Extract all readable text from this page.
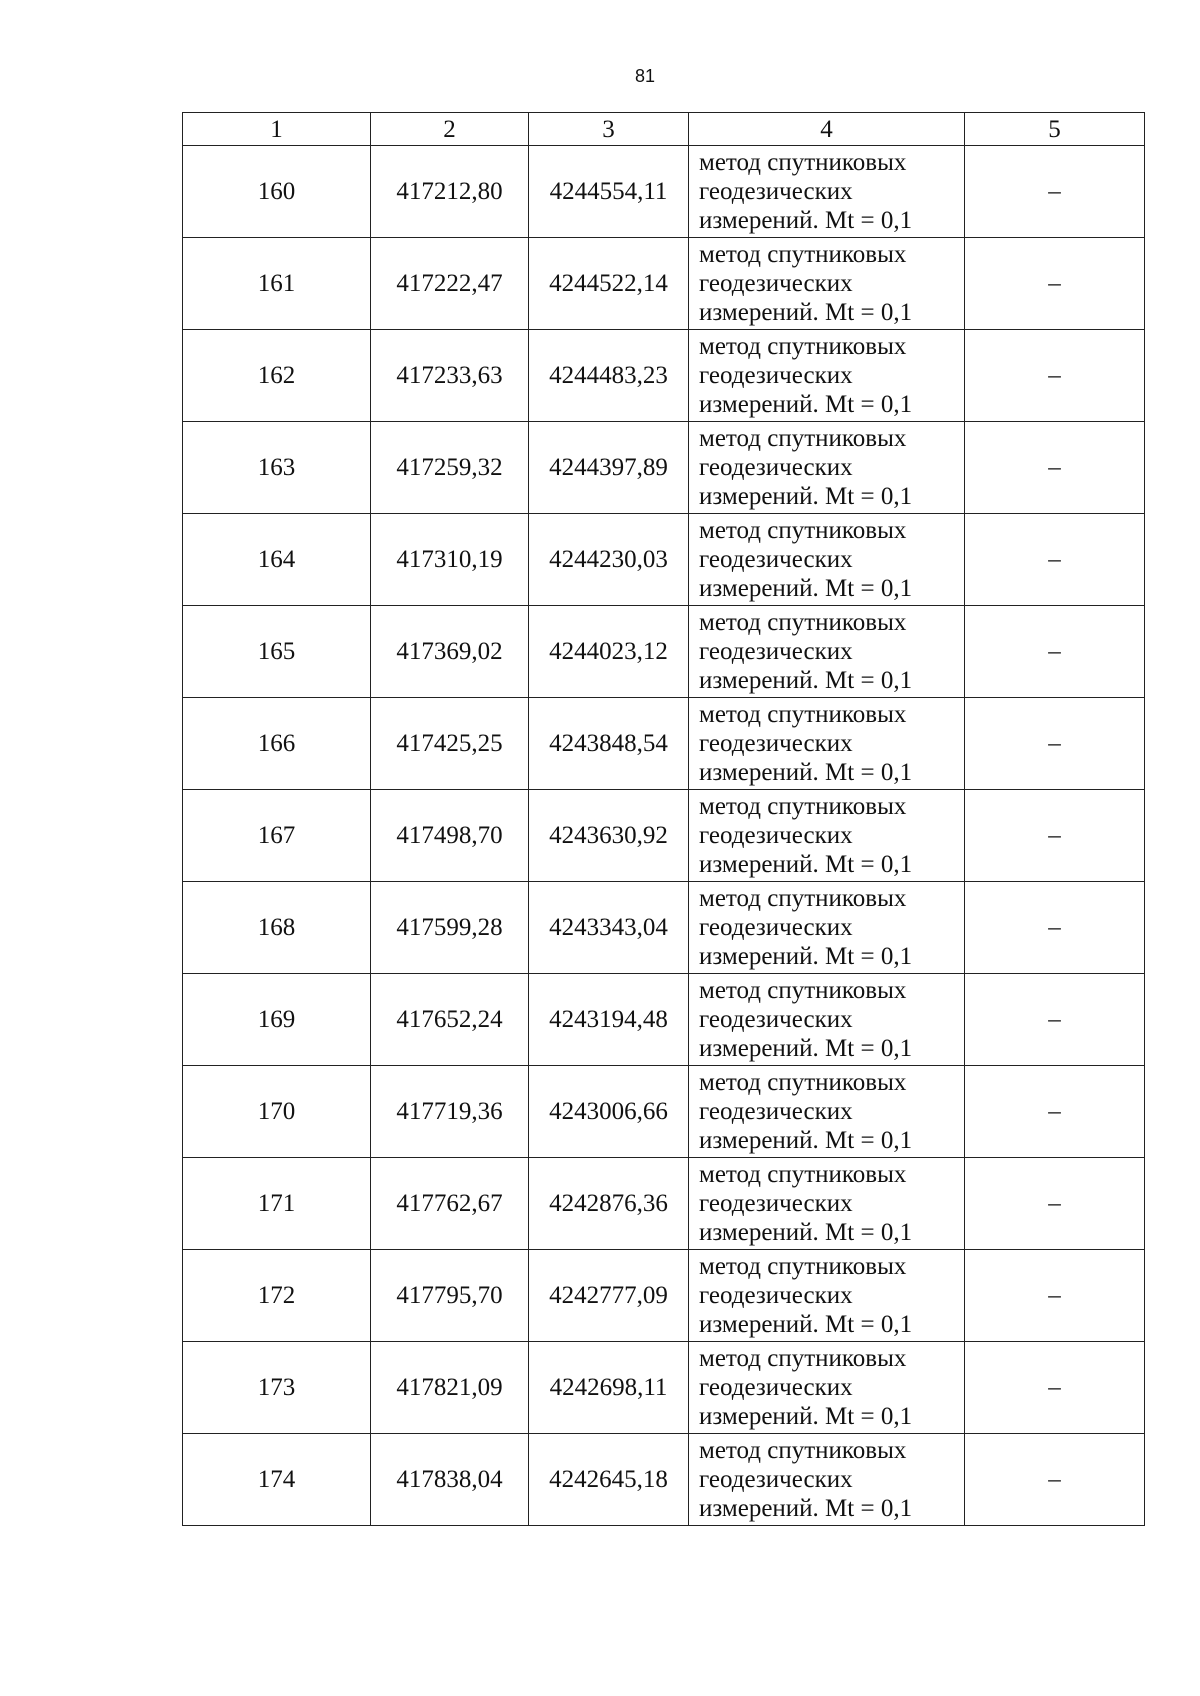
81
1	2	3	4	5
160	417212,80	4244554,11	метод спутниковых
геодезических
измерений. Mt = 0,1	–
161	417222,47	4244522,14	метод спутниковых
геодезических
измерений. Mt = 0,1	–
162	417233,63	4244483,23	метод спутниковых
геодезических
измерений. Mt = 0,1	–
163	417259,32	4244397,89	метод спутниковых
геодезических
измерений. Mt = 0,1	–
164	417310,19	4244230,03	метод спутниковых
геодезических
измерений. Mt = 0,1	–
165	417369,02	4244023,12	метод спутниковых
геодезических
измерений. Mt = 0,1	–
166	417425,25	4243848,54	метод спутниковых
геодезических
измерений. Mt = 0,1	–
167	417498,70	4243630,92	метод спутниковых
геодезических
измерений. Mt = 0,1	–
168	417599,28	4243343,04	метод спутниковых
геодезических
измерений. Mt = 0,1	–
169	417652,24	4243194,48	метод спутниковых
геодезических
измерений. Mt = 0,1	–
170	417719,36	4243006,66	метод спутниковых
геодезических
измерений. Mt = 0,1	–
171	417762,67	4242876,36	метод спутниковых
геодезических
измерений. Mt = 0,1	–
172	417795,70	4242777,09	метод спутниковых
геодезических
измерений. Mt = 0,1	–
173	417821,09	4242698,11	метод спутниковых
геодезических
измерений. Mt = 0,1	–
174	417838,04	4242645,18	метод спутниковых
геодезических
измерений. Mt = 0,1	–
